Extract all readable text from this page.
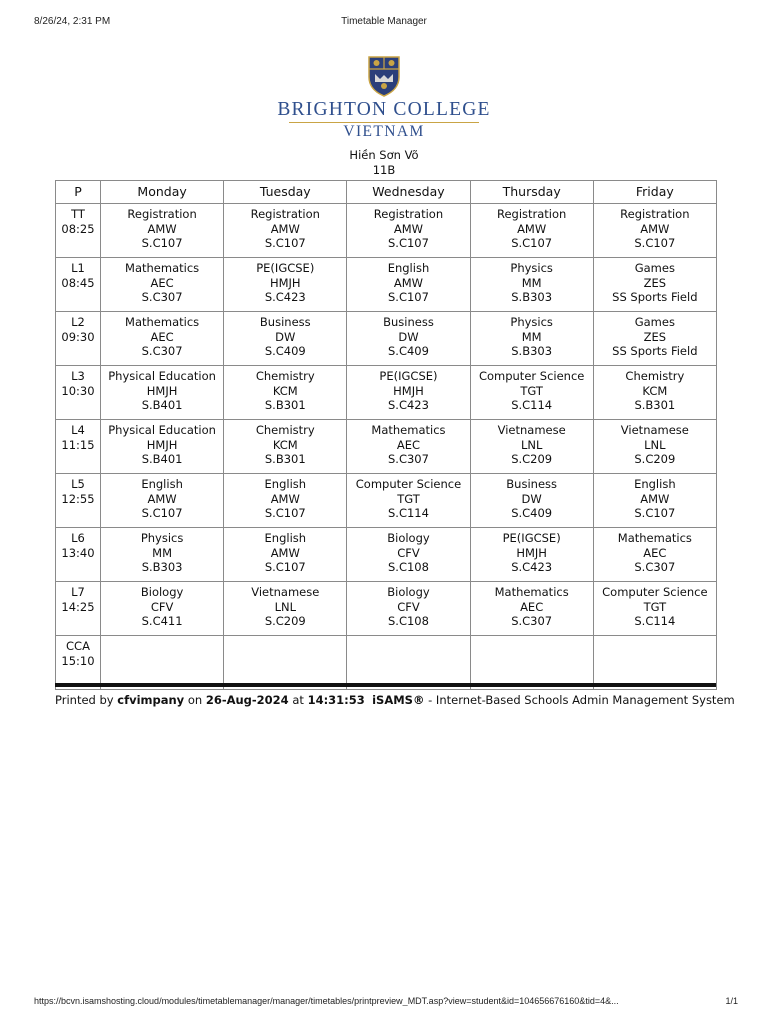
8/26/24, 2:31 PM	Timetable Manager
BRIGHTON COLLEGE
VIETNAM
Hiền Sơn Võ
11B
P	Monday	Tuesday	Wednesday	Thursday	Friday

TT
08:25	Registration
AMW
S.C107	Registration
AMW
S.C107	Registration
AMW
S.C107	Registration
AMW
S.C107	Registration
AMW
S.C107

L1
08:45	Mathematics
AEC
S.C307	PE(IGCSE)
HMJH
S.C423	English
AMW
S.C107	Physics
MM
S.B303	Games
ZES
SS Sports Field

L2
09:30	Mathematics
AEC
S.C307	Business
DW
S.C409	Business
DW
S.C409	Physics
MM
S.B303	Games
ZES
SS Sports Field

L3
10:30	Physical Education
HMJH
S.B401	Chemistry
KCM
S.B301	PE(IGCSE)
HMJH
S.C423	Computer Science
TGT
S.C114	Chemistry
KCM
S.B301

L4
11:15	Physical Education
HMJH
S.B401	Chemistry
KCM
S.B301	Mathematics
AEC
S.C307	Vietnamese
LNL
S.C209	Vietnamese
LNL
S.C209

L5
12:55	English
AMW
S.C107	English
AMW
S.C107	Computer Science
TGT
S.C114	Business
DW
S.C409	English
AMW
S.C107

L6
13:40	Physics
MM
S.B303	English
AMW
S.C107	Biology
CFV
S.C108	PE(IGCSE)
HMJH
S.C423	Mathematics
AEC
S.C307

L7
14:25	Biology
CFV
S.C411	Vietnamese
LNL
S.C209	Biology
CFV
S.C108	Mathematics
AEC
S.C307	Computer Science
TGT
S.C114

CCA
15:10					

Printed by cfvimpany on 26-Aug-2024 at 14:31:53 iSAMS® - Internet-Based Schools Admin Management System
https://bcvn.isamshosting.cloud/modules/timetablemanager/manager/timetables/printpreview_MDT.asp?view=student&id=104656676160&tid=4&...	1/1
